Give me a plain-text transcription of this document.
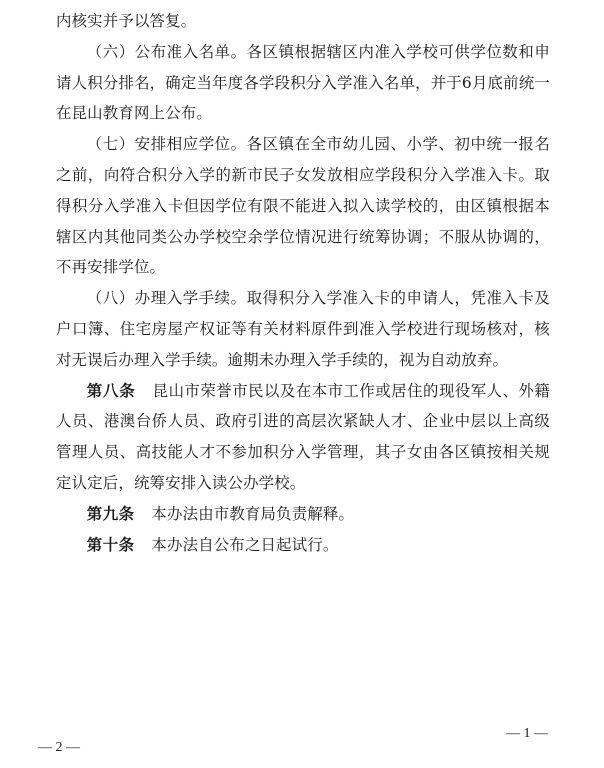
内核实并予以答复。

（六）公布准入名单。各区镇根据辖区内准入学校可供学位数和申请人积分排名，确定当年度各学段积分入学准入名单，并于6月底前统一在昆山教育网上公布。

（七）安排相应学位。各区镇在全市幼儿园、小学、初中统一报名之前，向符合积分入学的新市民子女发放相应学段积分入学准入卡。取得积分入学准入卡但因学位有限不能进入拟入读学校的，由区镇根据本辖区内其他同类公办学校空余学位情况进行统筹协调；不服从协调的，不再安排学位。

（八）办理入学手续。取得积分入学准入卡的申请人，凭准入卡及户口簿、住宅房屋产权证等有关材料原件到准入学校进行现场核对，核对无误后办理入学手续。逾期未办理入学手续的，视为自动放弃。

第八条 昆山市荣誉市民以及在本市工作或居住的现役军人、外籍人员、港澳台侨人员、政府引进的高层次紧缺人才、企业中层以上高级管理人员、高技能人才不参加积分入学管理，其子女由各区镇按相关规定认定后，统筹安排入读公办学校。

第九条 本办法由市教育局负责解释。

第十条 本办法自公布之日起试行。

— 1 —
— 2 —
